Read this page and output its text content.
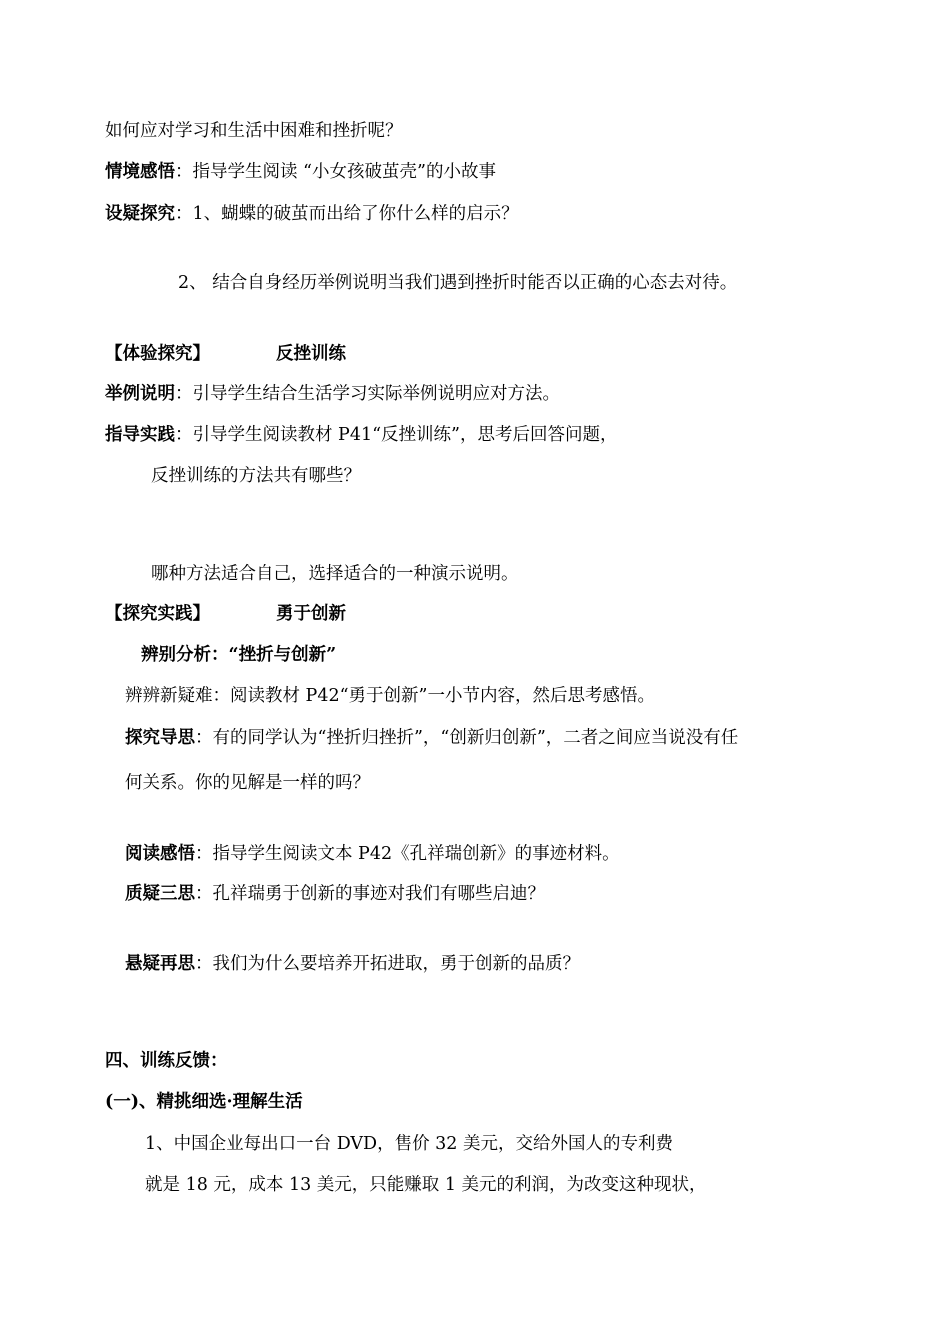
如何应对学习和生活中困难和挫折呢？
情境感悟：指导学生阅读 “小女孩破茧壳”的小故事
设疑探究：1、蝴蝶的破茧而出给了你什么样的启示？
2、 结合自身经历举例说明当我们遇到挫折时能否以正确的心态去对待。
【体验探究】	反挫训练
举例说明：引导学生结合生活学习实际举例说明应对方法。
指导实践：引导学生阅读教材 P41“反挫训练”，思考后回答问题，
反挫训练的方法共有哪些？
哪种方法适合自己，选择适合的一种演示说明。
【探究实践】	勇于创新
辨别分析：“挫折与创新”
辨辨新疑难：阅读教材 P42“勇于创新”一小节内容，然后思考感悟。
探究导思：有的同学认为“挫折归挫折”，“创新归创新”，二者之间应当说没有任
何关系。你的见解是一样的吗？
阅读感悟：指导学生阅读文本 P42《孔祥瑞创新》的事迹材料。
质疑三思：孔祥瑞勇于创新的事迹对我们有哪些启迪？
悬疑再思：我们为什么要培养开拓进取，勇于创新的品质？
四、训练反馈：
(一)、精挑细选·理解生活
1、中国企业每出口一台 DVD，售价 32 美元，交给外国人的专利费
就是 18 元，成本 13 美元，只能赚取 1 美元的利润，为改变这种现状，
